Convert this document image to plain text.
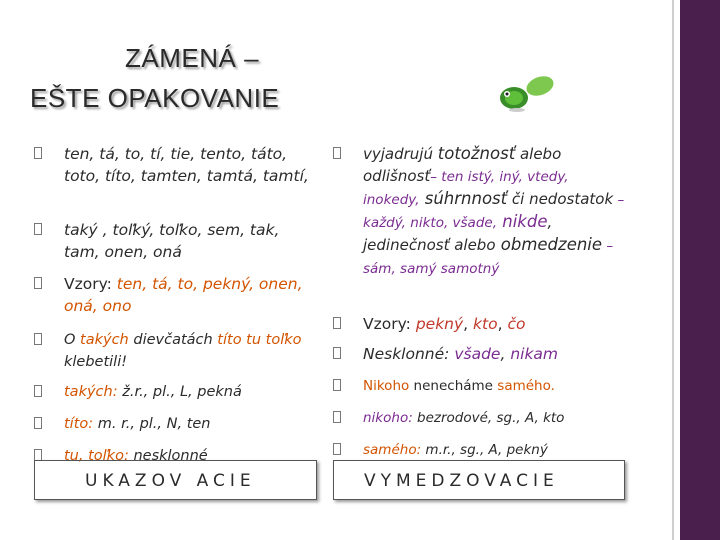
ZÁMENÁ –
EŠTE OPAKOVANIE
ten, tá, to, tí, tie, tento, táto, toto, títo, tamten, tamtá, tamtí,
taký , toľký, toľko, sem, tak, tam, onen, oná
Vzory: ten, tá, to, pekný, onen, oná, ono
O takých dievčatách títo tu toľko klebetili!
takých: ž.r., pl., L, pekná
títo: m. r., pl., N, ten
tu, toľko: nesklonné
vyjadrujú totožnosť alebo odlišnosť– ten istý, iný, vtedy, inokedy, súhrnnosť či nedostatok – každý, nikto, všade, nikde, jedinečnosť alebo obmedzenie – sám, samý samotný
Vzory: pekný, kto, čo
Nesklonné: všade, nikam
Nikoho nenecháme samého.
nikoho: bezrodové, sg., A, kto
samého: m.r., sg., A, pekný
UKAZOV ACIE	VYMEDZOVACIE
